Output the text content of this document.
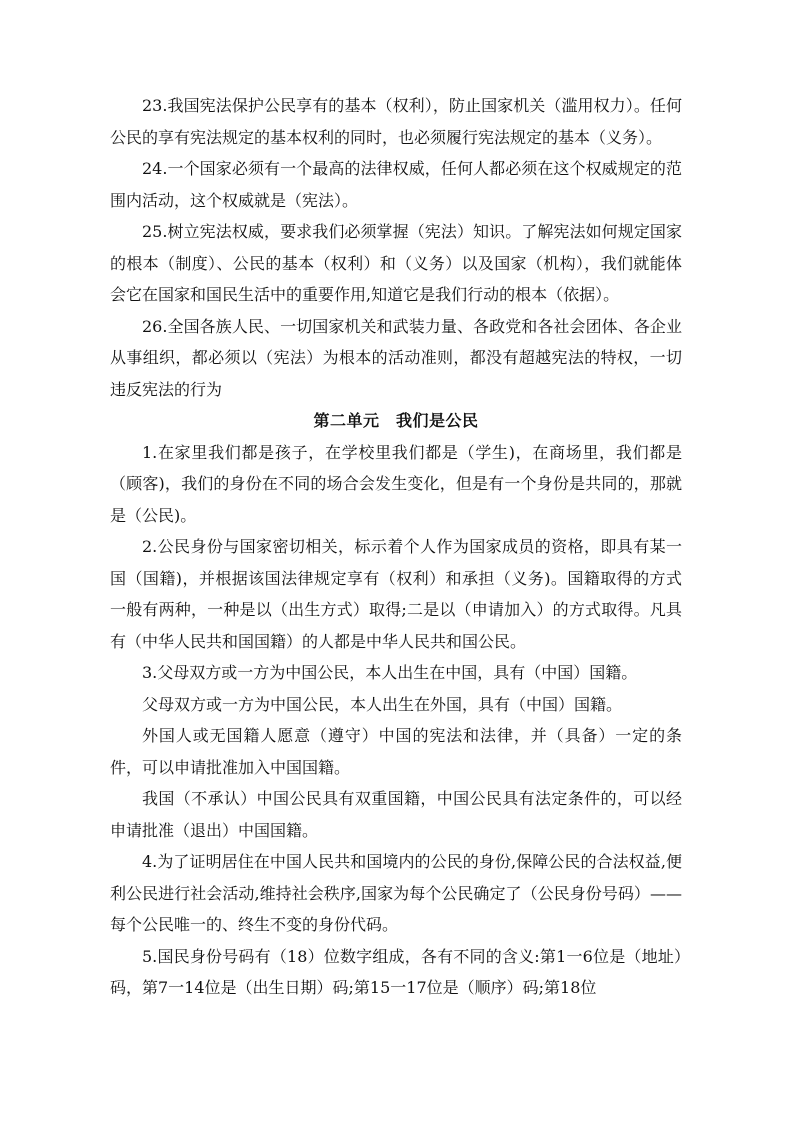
23.我国宪法保护公民享有的基本（权利），防止国家机关（滥用权力）。任何公民的享有宪法规定的基本权利的同时，也必须履行宪法规定的基本（义务）。

24.一个国家必须有一个最高的法律权威，任何人都必须在这个权威规定的范围内活动，这个权威就是（宪法）。

25.树立宪法权威，要求我们必须掌握（宪法）知识。了解宪法如何规定国家的根本（制度）、公民的基本（权利）和（义务）以及国家（机构），我们就能体会它在国家和国民生活中的重要作用,知道它是我们行动的根本（依据）。

26.全国各族人民、一切国家机关和武装力量、各政党和各社会团体、各企业从事组织，都必须以（宪法）为根本的活动准则，都没有超越宪法的特权，一切违反宪法的行为

第二单元　我们是公民

1.在家里我们都是孩子，在学校里我们都是（学生)，在商场里，我们都是（顾客)，我们的身份在不同的场合会发生变化，但是有一个身份是共同的，那就是（公民)。

2.公民身份与国家密切相关，标示着个人作为国家成员的资格，即具有某一国（国籍)，并根据该国法律规定享有（权利）和承担（义务)。国籍取得的方式一般有两种，一种是以（出生方式）取得;二是以（申请加入）的方式取得。凡具有（中华人民共和国国籍）的人都是中华人民共和国公民。

3.父母双方或一方为中国公民，本人出生在中国，具有（中国）国籍。

父母双方或一方为中国公民，本人出生在外国，具有（中国）国籍。

外国人或无国籍人愿意（遵守）中国的宪法和法律，并（具备）一定的条件，可以申请批准加入中国国籍。

我国（不承认）中国公民具有双重国籍，中国公民具有法定条件的，可以经申请批准（退出）中国国籍。

4.为了证明居住在中国人民共和国境内的公民的身份,保障公民的合法权益,便利公民进行社会活动,维持社会秩序,国家为每个公民确定了（公民身份号码）——每个公民唯一的、终生不变的身份代码。

5.国民身份号码有（18）位数字组成，各有不同的含义:第1一6位是（地址）码，第7一14位是（出生日期）码;第15一17位是（顺序）码;第18位
